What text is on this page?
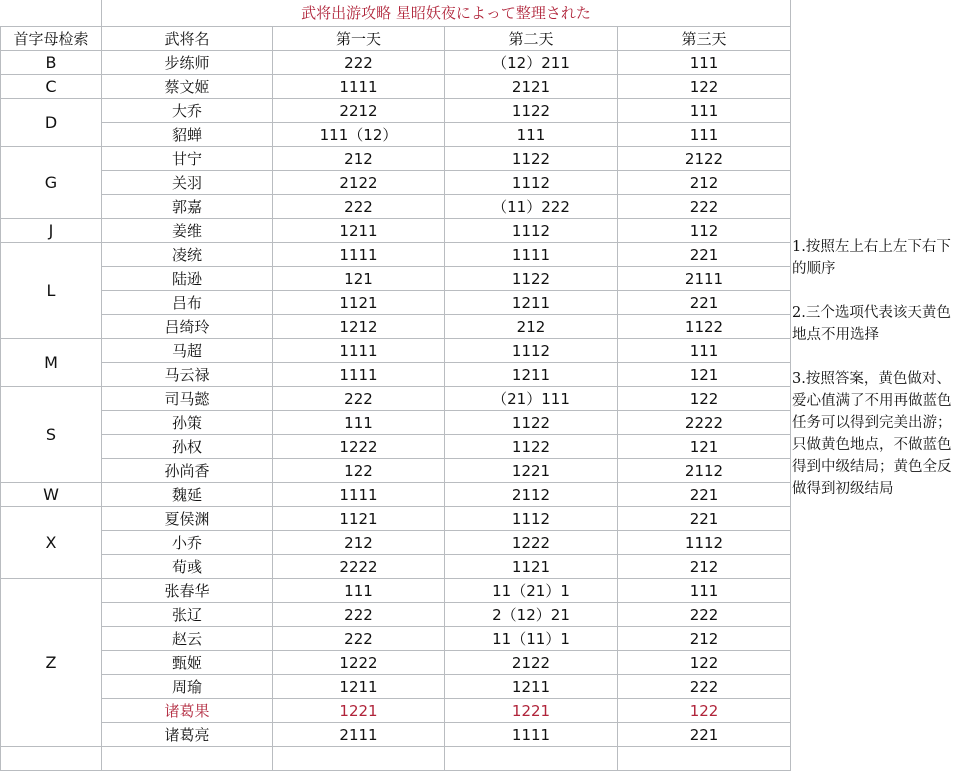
	武将出游攻略 星昭妖夜によって整理された			
首字母检索	武将名	第一天	第二天	第三天
B	步练师	222	（12）211	111
C	蔡文姬	1111	2121	122
D	大乔	2212	1122	111
	貂蝉	111（12）	111	111
G	甘宁	212	1122	2122
	关羽	2122	1112	212
	郭嘉	222	（11）222	222
J	姜维	1211	1112	112
L	凌统	1111	1111	221
	陆逊	121	1122	2111
	吕布	1121	1211	221
	吕绮玲	1212	212	1122
M	马超	1111	1112	111
	马云禄	1111	1211	121
S	司马懿	222	（21）111	122
	孙策	111	1122	2222
	孙权	1222	1122	121
	孙尚香	122	1221	2112
W	魏延	1111	2112	221
X	夏侯渊	1121	1112	221
	小乔	212	1222	1112
	荀彧	2222	1121	212
Z	张春华	111	11（21）1	111
	张辽	222	2（12）21	222
	赵云	222	11（11）1	212
	甄姬	1222	2122	122
	周瑜	1211	1211	222
	诸葛果	1221	1221	122
	诸葛亮	2111	1111	221

1.按照左上右上左下右下的顺序

2.三个选项代表该天黄色地点不用选择

3.按照答案，黄色做对、爱心值满了不用再做蓝色任务可以得到完美出游；只做黄色地点，不做蓝色得到中级结局；黄色全反做得到初级结局
